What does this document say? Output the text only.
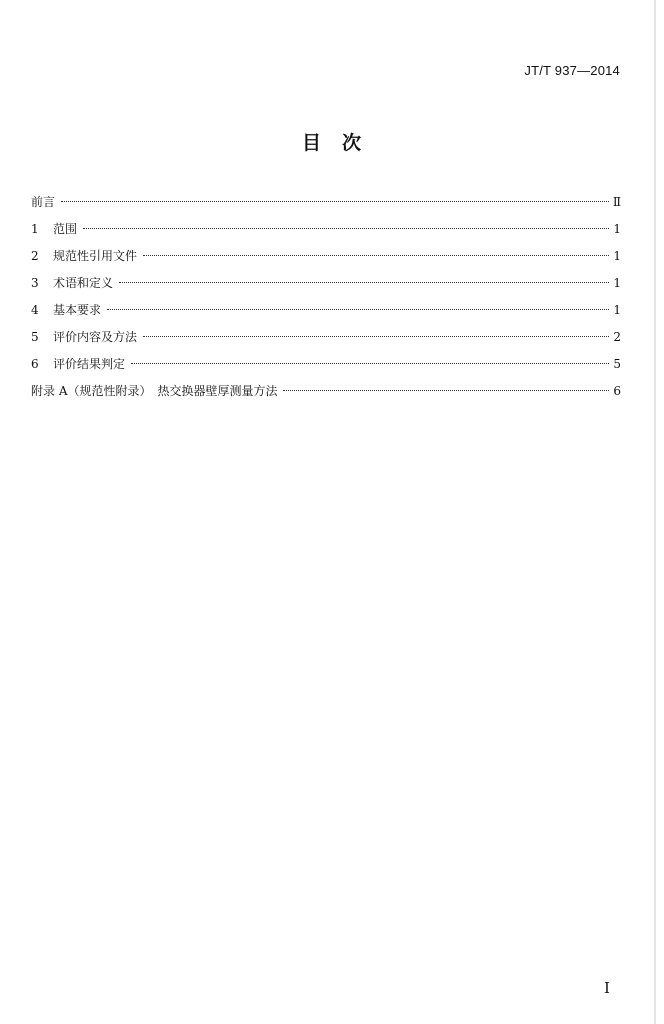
JT/T 937—2014
目　次
前言	Ⅱ
1	范围	1
2	规范性引用文件	1
3	术语和定义	1
4	基本要求	1
5	评价内容及方法	2
6	评价结果判定	5
附录 A（规范性附录）　热交换器壁厚测量方法	6
Ⅰ
